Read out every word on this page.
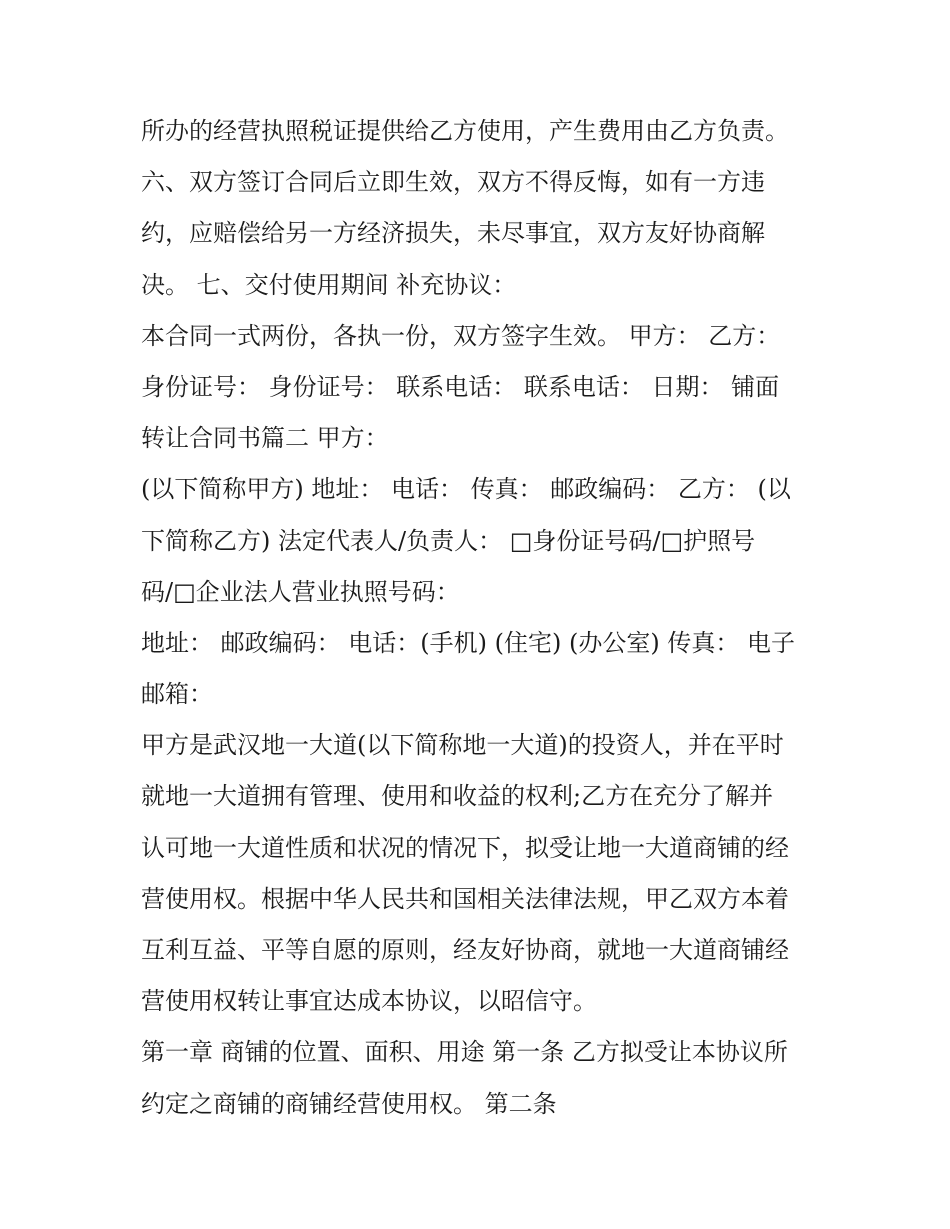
所办的经营执照税证提供给乙方使用，产生费用由乙方负责。
六、双方签订合同后立即生效，双方不得反悔，如有一方违
约，应赔偿给另一方经济损失，未尽事宜，双方友好协商解
决。 七、交付使用期间 补充协议：
本合同一式两份，各执一份，双方签字生效。 甲方： 乙方：
身份证号： 身份证号： 联系电话： 联系电话： 日期： 铺面
转让合同书篇二 甲方：
(以下简称甲方) 地址： 电话： 传真： 邮政编码： 乙方： (以
下简称乙方) 法定代表人/负责人： □身份证号码/□护照号
码/□企业法人营业执照号码：
地址： 邮政编码： 电话：(手机) (住宅) (办公室) 传真： 电子
邮箱：
甲方是武汉地一大道(以下简称地一大道)的投资人，并在平时
就地一大道拥有管理、使用和收益的权利;乙方在充分了解并
认可地一大道性质和状况的情况下，拟受让地一大道商铺的经
营使用权。根据中华人民共和国相关法律法规，甲乙双方本着
互利互益、平等自愿的原则，经友好协商，就地一大道商铺经
营使用权转让事宜达成本协议，以昭信守。
第一章 商铺的位置、面积、用途 第一条 乙方拟受让本协议所
约定之商铺的商铺经营使用权。 第二条
